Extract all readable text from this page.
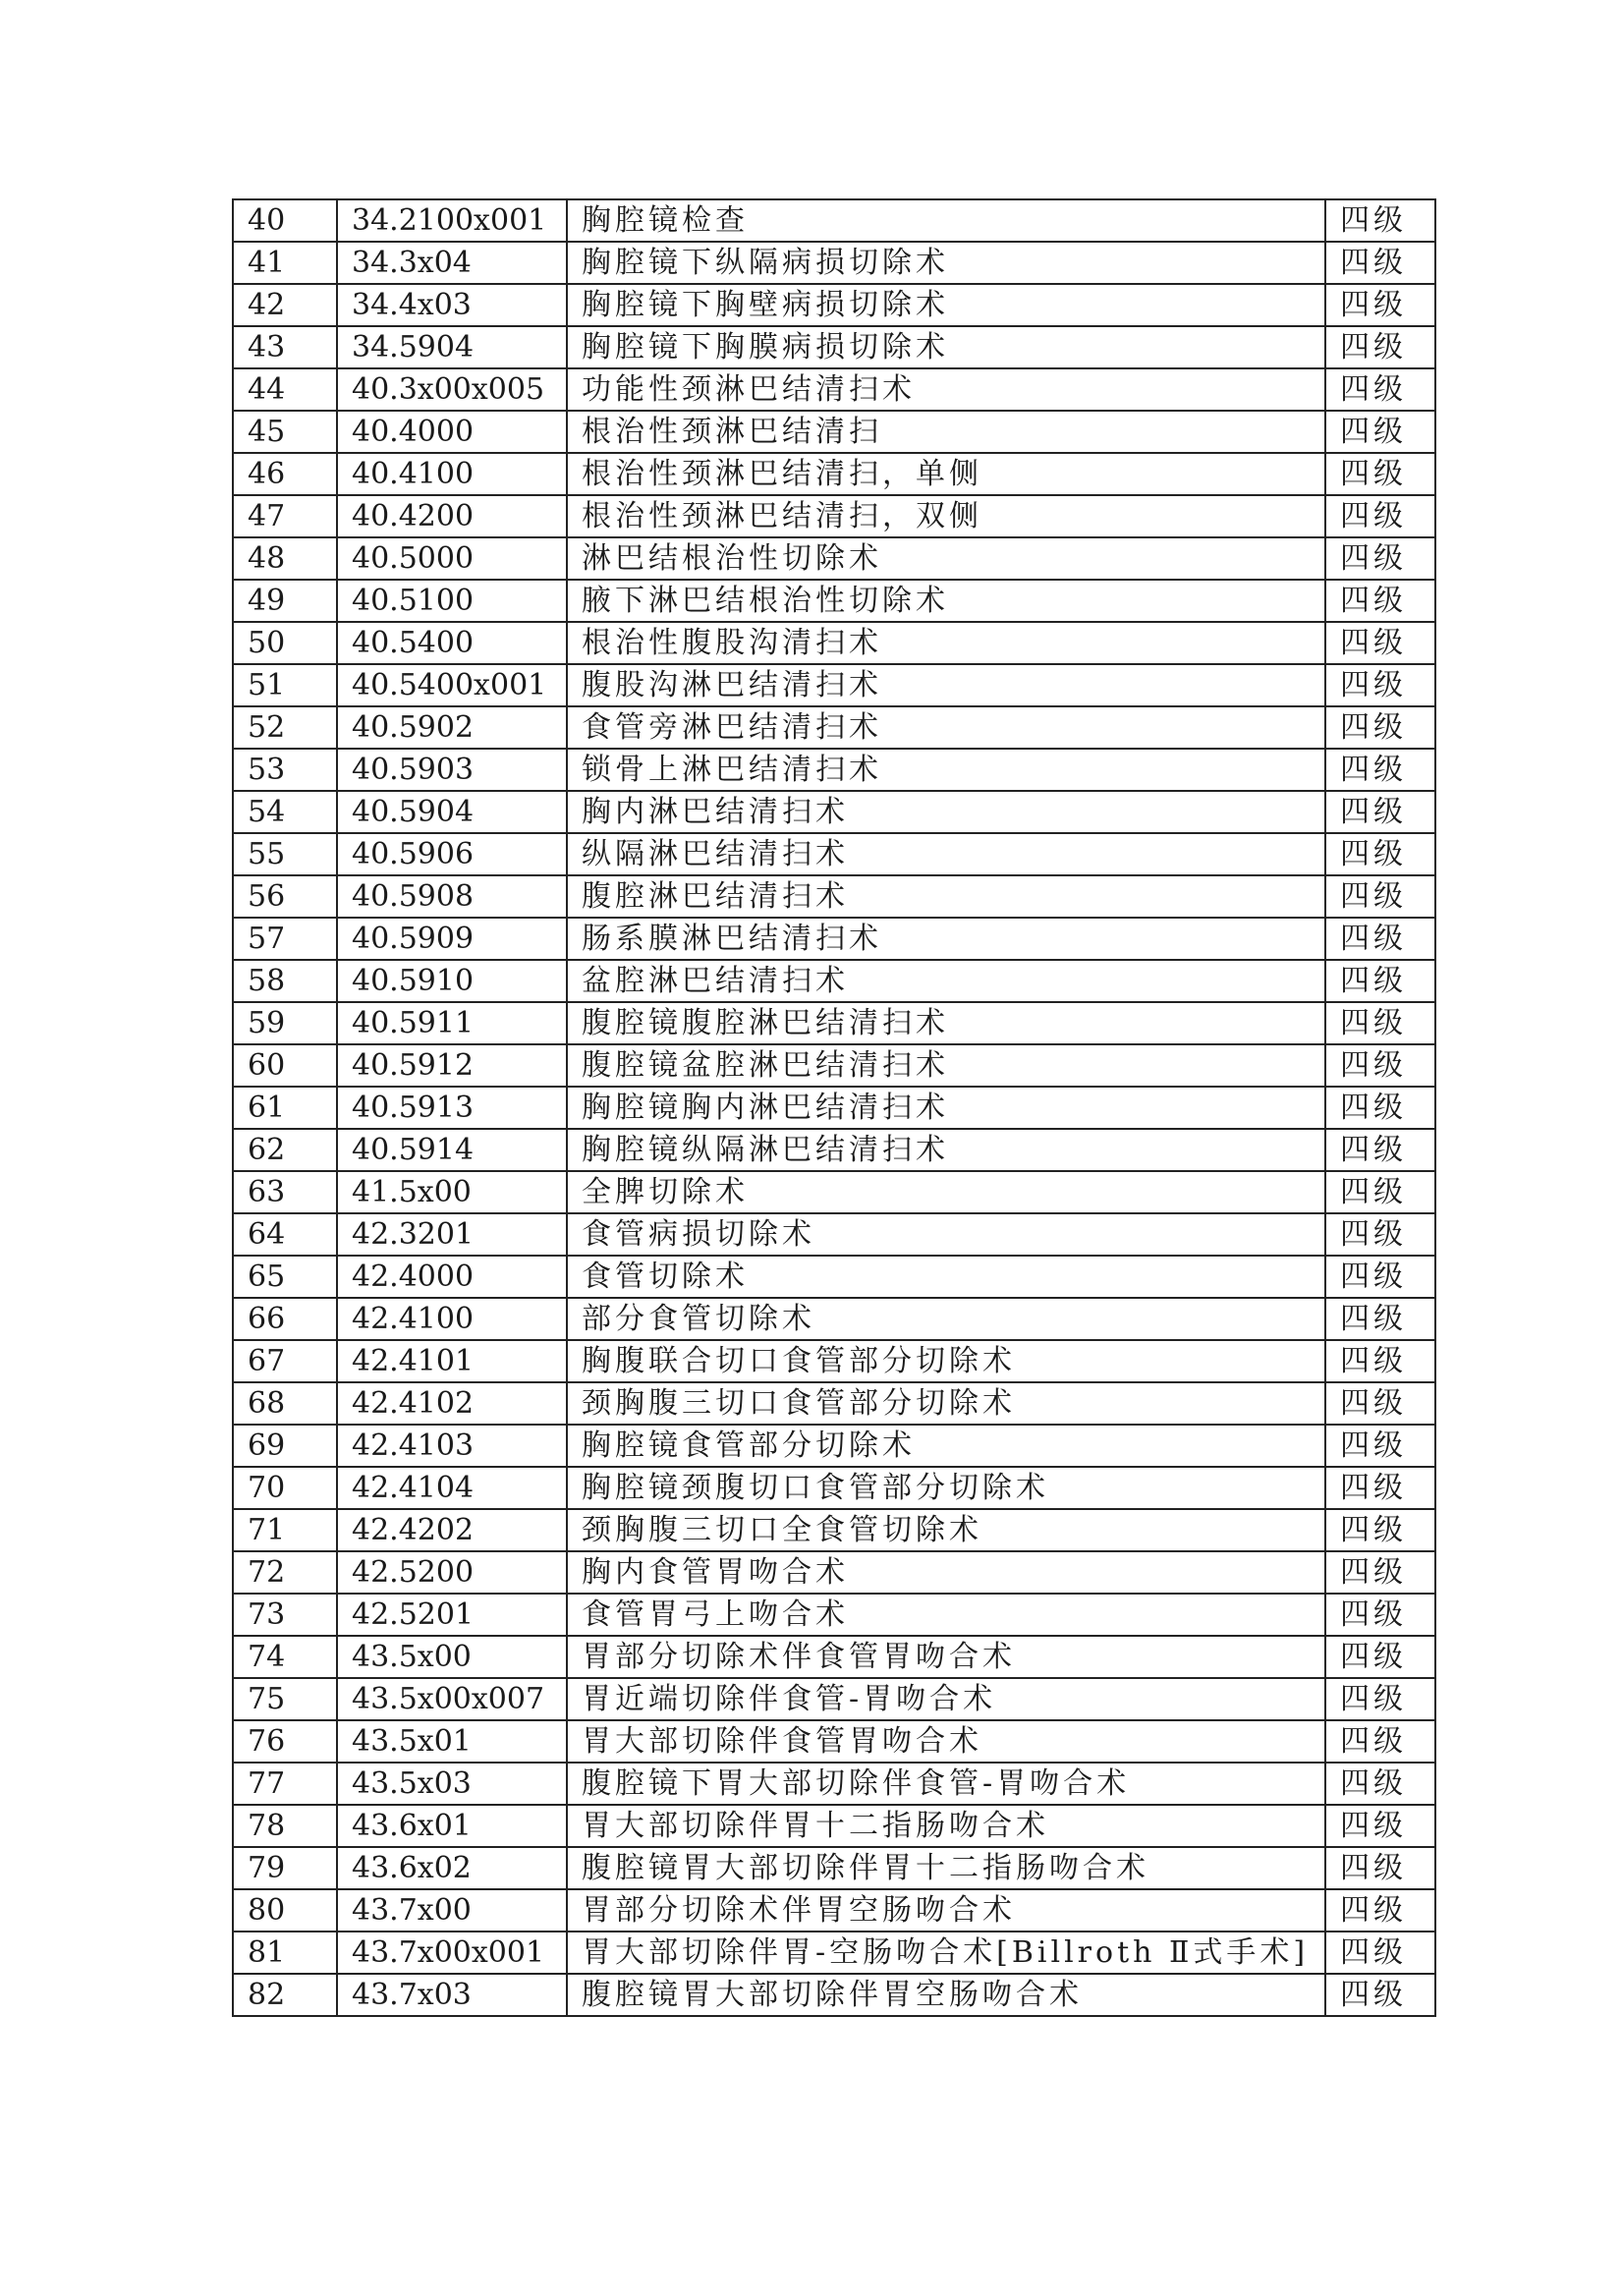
40	34.2100x001	胸腔镜检查	四级
41	34.3x04	胸腔镜下纵隔病损切除术	四级
42	34.4x03	胸腔镜下胸壁病损切除术	四级
43	34.5904	胸腔镜下胸膜病损切除术	四级
44	40.3x00x005	功能性颈淋巴结清扫术	四级
45	40.4000	根治性颈淋巴结清扫	四级
46	40.4100	根治性颈淋巴结清扫，单侧	四级
47	40.4200	根治性颈淋巴结清扫，双侧	四级
48	40.5000	淋巴结根治性切除术	四级
49	40.5100	腋下淋巴结根治性切除术	四级
50	40.5400	根治性腹股沟清扫术	四级
51	40.5400x001	腹股沟淋巴结清扫术	四级
52	40.5902	食管旁淋巴结清扫术	四级
53	40.5903	锁骨上淋巴结清扫术	四级
54	40.5904	胸内淋巴结清扫术	四级
55	40.5906	纵隔淋巴结清扫术	四级
56	40.5908	腹腔淋巴结清扫术	四级
57	40.5909	肠系膜淋巴结清扫术	四级
58	40.5910	盆腔淋巴结清扫术	四级
59	40.5911	腹腔镜腹腔淋巴结清扫术	四级
60	40.5912	腹腔镜盆腔淋巴结清扫术	四级
61	40.5913	胸腔镜胸内淋巴结清扫术	四级
62	40.5914	胸腔镜纵隔淋巴结清扫术	四级
63	41.5x00	全脾切除术	四级
64	42.3201	食管病损切除术	四级
65	42.4000	食管切除术	四级
66	42.4100	部分食管切除术	四级
67	42.4101	胸腹联合切口食管部分切除术	四级
68	42.4102	颈胸腹三切口食管部分切除术	四级
69	42.4103	胸腔镜食管部分切除术	四级
70	42.4104	胸腔镜颈腹切口食管部分切除术	四级
71	42.4202	颈胸腹三切口全食管切除术	四级
72	42.5200	胸内食管胃吻合术	四级
73	42.5201	食管胃弓上吻合术	四级
74	43.5x00	胃部分切除术伴食管胃吻合术	四级
75	43.5x00x007	胃近端切除伴食管-胃吻合术	四级
76	43.5x01	胃大部切除伴食管胃吻合术	四级
77	43.5x03	腹腔镜下胃大部切除伴食管-胃吻合术	四级
78	43.6x01	胃大部切除伴胃十二指肠吻合术	四级
79	43.6x02	腹腔镜胃大部切除伴胃十二指肠吻合术	四级
80	43.7x00	胃部分切除术伴胃空肠吻合术	四级
81	43.7x00x001	胃大部切除伴胃-空肠吻合术[Billroth Ⅱ式手术]	四级
82	43.7x03	腹腔镜胃大部切除伴胃空肠吻合术	四级
